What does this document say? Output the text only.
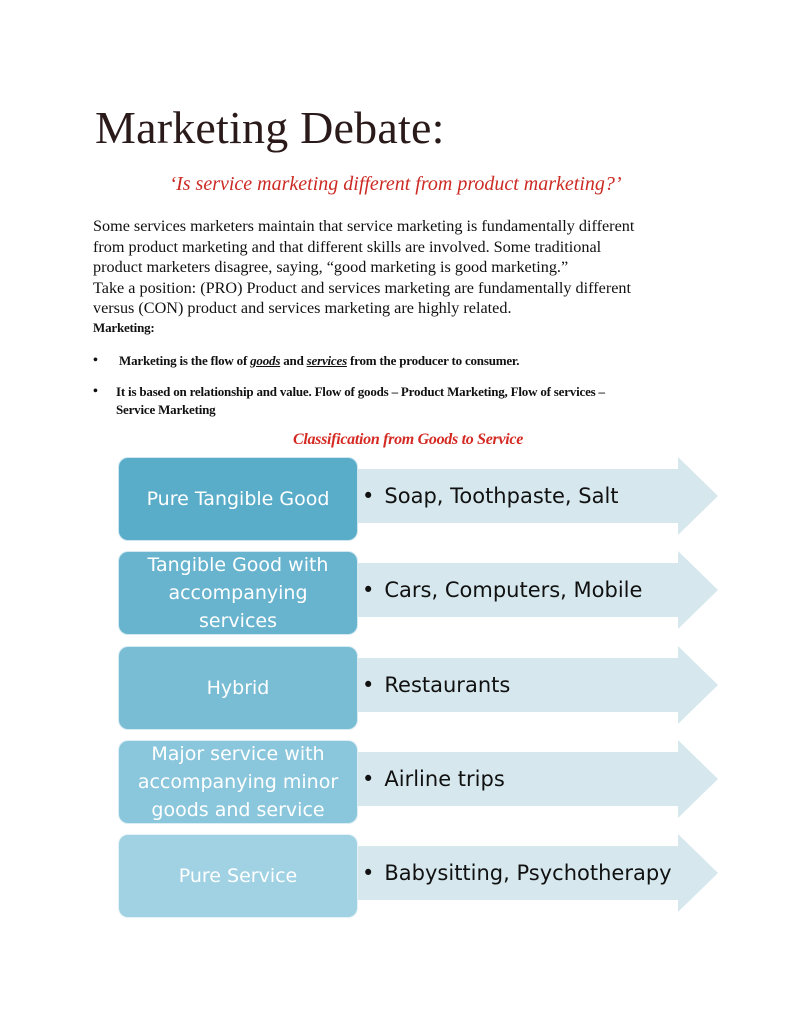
Marketing Debate:
‘Is service marketing different from product marketing?’

Some services marketers maintain that service marketing is fundamentally different
from product marketing and that different skills are involved. Some traditional
product marketers disagree, saying, “good marketing is good marketing.”
Take a position: (PRO) Product and services marketing are fundamentally different
versus (CON) product and services marketing are highly related.

Marketing:
• Marketing is the flow of goods and services from the producer to consumer.
• It is based on relationship and value. Flow of goods – Product Marketing, Flow of services –
Service Marketing
Classification from Goods to Service
• Soap, Toothpaste, Salt
Pure Tangible Good
• Cars, Computers, Mobile
Tangible Good with accompanying services
• Restaurants
Hybrid
• Airline trips
Major service with accompanying minor goods and service
• Babysitting, Psychotherapy
Pure Service
